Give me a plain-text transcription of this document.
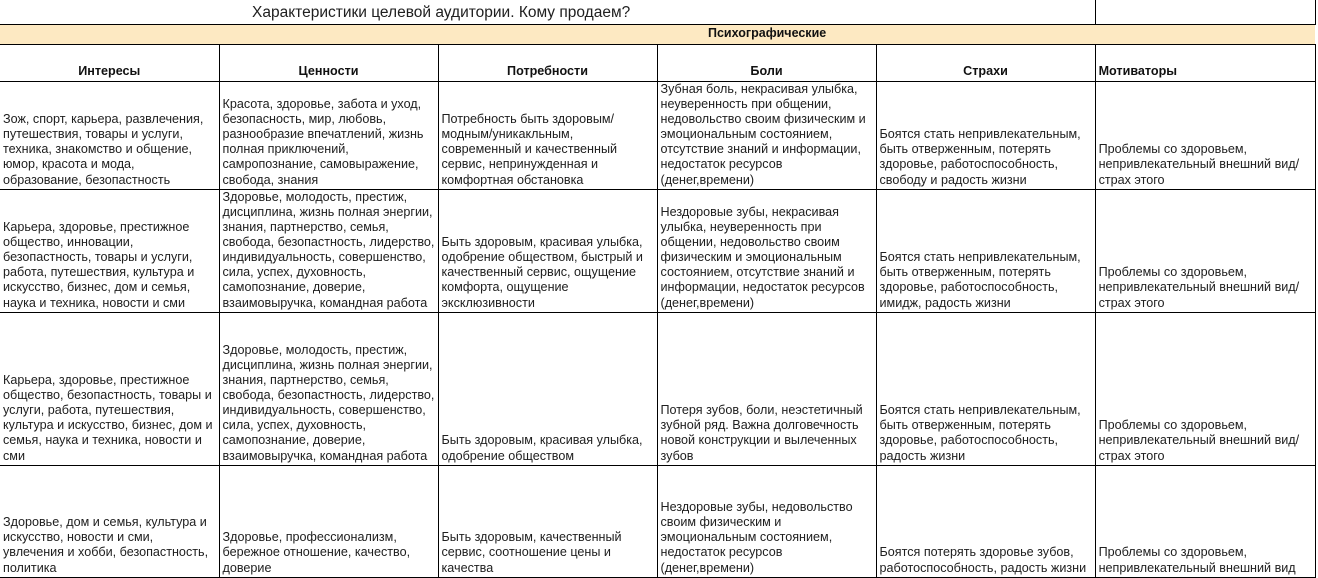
Характеристики целевой аудитории. Кому продаем?					
Психографические					
Интересы	Ценности	Потребности	Боли	Страхи	Мотиваторы
Зож, спорт, карьера, развлечения, путешествия, товары и услуги, техника, знакомство и общение, юмор, красота и мода, образование, безопастность	Красота, здоровье, забота и уход, безопасность, мир, любовь, разнообразие впечатлений, жизнь полная приключений, самропознание, самовыражение, свобода, знания	Потребность быть здоровым/модным/уникакльным, современный и качественный сервис, непринужденная и комфортная обстановка	Зубная боль, некрасивая улыбка, неуверенность при общении, недовольство своим физическим и эмоциональным состоянием, отсутствие знаний и информации, недостаток ресурсов (денег,времени)	Боятся стать непривлекательным, быть отверженным, потерять здоровье, работоспособность, свободу и радость жизни	Проблемы со здоровьем, непривлекательный внешний вид/страх этого
Карьера, здоровье, престижное общество, инновации, безопастность, товары и услуги, работа, путешествия, культура и искусство, бизнес, дом и семья, наука и техника, новости и сми	Здоровье, молодость, престиж, дисциплина, жизнь полная энергии, знания, партнерство, семья, свобода, безопастность, лидерство, индивидуальность, совершенство, сила, успех, духовность, самопознание, доверие, взаимовыручка, командная работа	Быть здоровым, красивая улыбка, одобрение обществом, быстрый и качественный сервис, ощущение комфорта, ощущение эксклюзивности	Нездоровые зубы, некрасивая улыбка, неуверенность при общении, недовольство своим физическим и эмоциональным состоянием, отсутствие знаний и информации, недостаток ресурсов (денег,времени)	Боятся стать непривлекательным, быть отверженным, потерять здоровье, работоспособность, имидж, радость жизни	Проблемы со здоровьем, непривлекательный внешний вид/страх этого
Карьера, здоровье, престижное общество, безопастность, товары и услуги, работа, путешествия, культура и искусство, бизнес, дом и семья, наука и техника, новости и сми	Здоровье, молодость, престиж, дисциплина, жизнь полная энергии, знания, партнерство, семья, свобода, безопастность, лидерство, индивидуальность, совершенство, сила, успех, духовность, самопознание, доверие, взаимовыручка, командная работа	Быть здоровым, красивая улыбка, одобрение обществом	Потеря зубов, боли, неэстетичный зубной ряд. Важна долговечность новой конструкции и вылеченных зубов	Боятся стать непривлекательным, быть отверженным, потерять здоровье, работоспособность, радость жизни	Проблемы со здоровьем, непривлекательный внешний вид/страх этого
Здоровье, дом и семья, культура и искусство, новости и сми, увлечения и хобби, безопастность, политика	Здоровье, профессионализм, бережное отношение, качество, доверие	Быть здоровым, качественный сервис, соотношение цены и качества	Нездоровые зубы, недовольство своим физическим и эмоциональным состоянием, недостаток ресурсов (денег,времени)	Боятся потерять здоровье зубов, работоспособность, радость жизни	Проблемы со здоровьем, непривлекательный внешний вид
